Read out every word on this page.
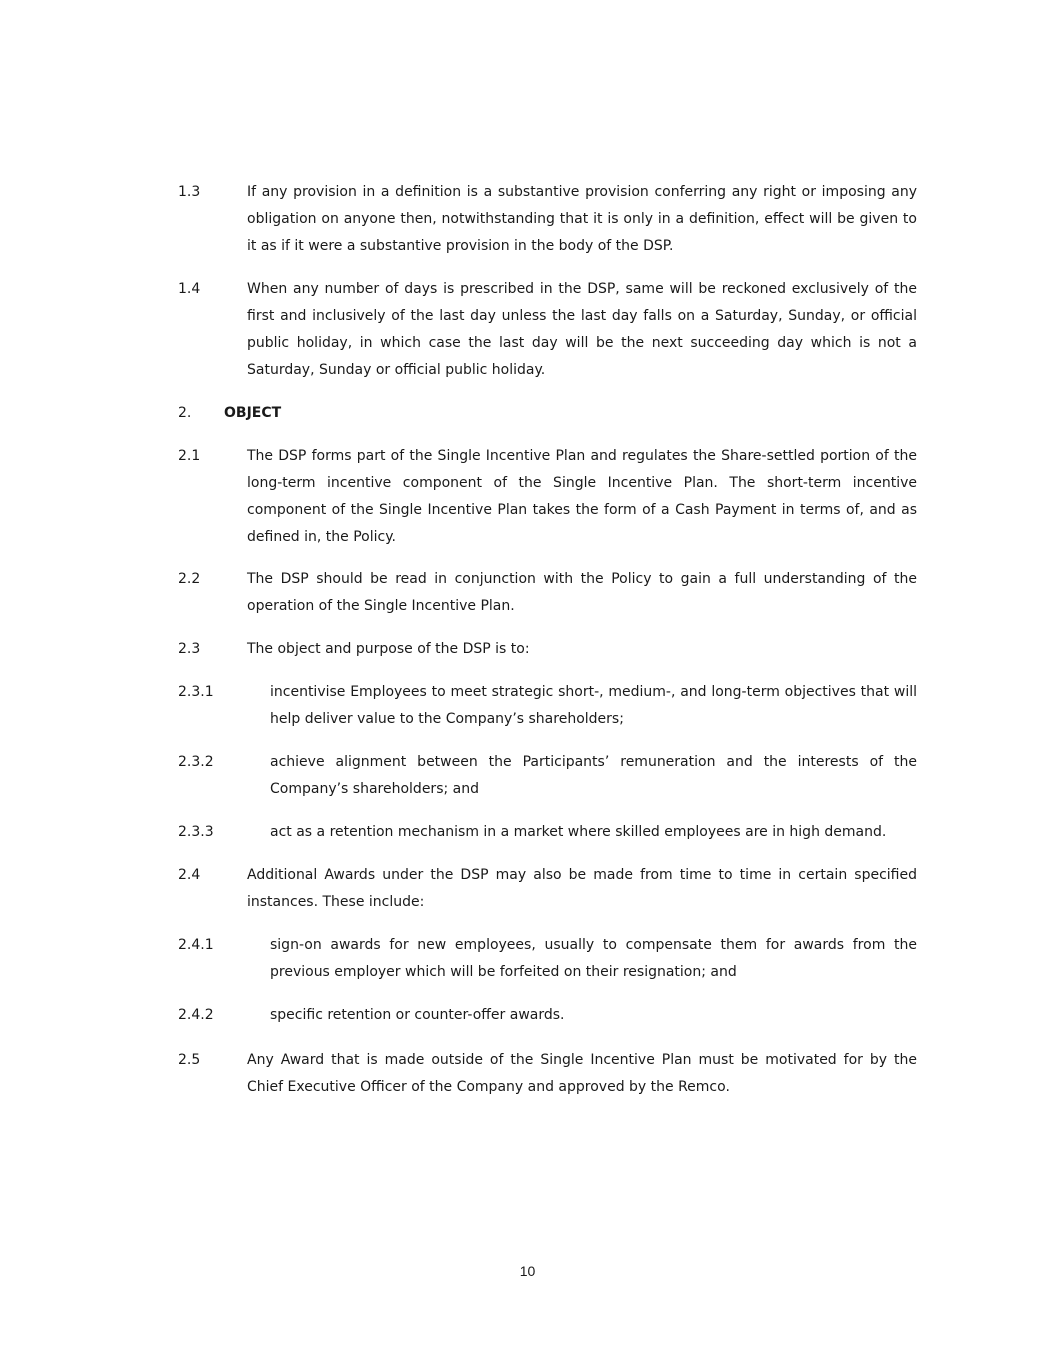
1.3	If any provision in a definition is a substantive provision conferring any right or imposing any obligation on anyone then, notwithstanding that it is only in a definition, effect will be given to it as if it were a substantive provision in the body of the DSP.
1.4	When any number of days is prescribed in the DSP, same will be reckoned exclusively of the first and inclusively of the last day unless the last day falls on a Saturday, Sunday, or official public holiday, in which case the last day will be the next succeeding day which is not a Saturday, Sunday or official public holiday.
2. OBJECT
2.1	The DSP forms part of the Single Incentive Plan and regulates the Share-settled portion of the long-term incentive component of the Single Incentive Plan. The short-term incentive component of the Single Incentive Plan takes the form of a Cash Payment in terms of, and as defined in, the Policy.
2.2	The DSP should be read in conjunction with the Policy to gain a full understanding of the operation of the Single Incentive Plan.
2.3	The object and purpose of the DSP is to:
2.3.1	incentivise Employees to meet strategic short-, medium-, and long-term objectives that will help deliver value to the Company’s shareholders;
2.3.2	achieve alignment between the Participants’ remuneration and the interests of the Company’s shareholders; and
2.3.3	act as a retention mechanism in a market where skilled employees are in high demand.
2.4	Additional Awards under the DSP may also be made from time to time in certain specified instances. These include:
2.4.1	sign-on awards for new employees, usually to compensate them for awards from the previous employer which will be forfeited on their resignation; and
2.4.2	specific retention or counter-offer awards.
2.5	Any Award that is made outside of the Single Incentive Plan must be motivated for by the Chief Executive Officer of the Company and approved by the Remco.
10
